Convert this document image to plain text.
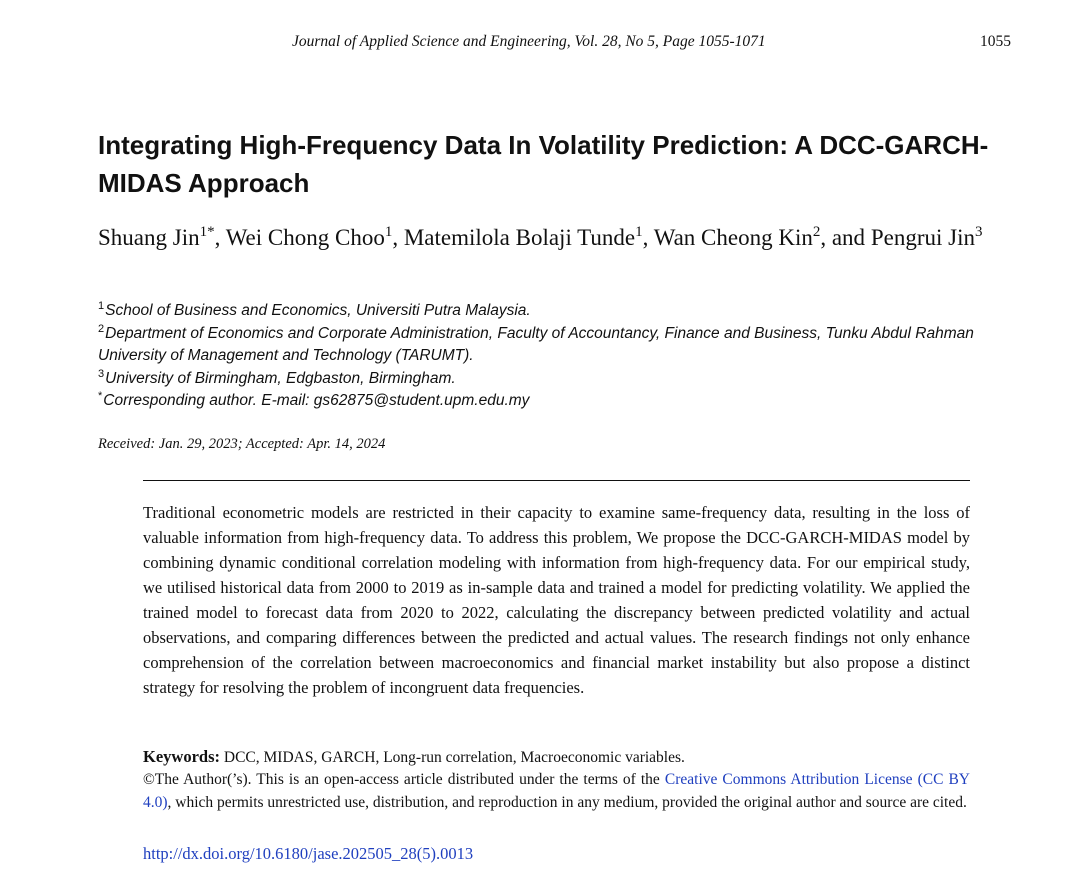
Journal of Applied Science and Engineering, Vol. 28, No 5, Page 1055-1071	1055
Integrating High-Frequency Data In Volatility Prediction: A DCC-GARCH-MIDAS Approach
Shuang Jin$^{1*}$, Wei Chong Choo$^1$, Matemilola Bolaji Tunde$^1$, Wan Cheong Kin$^2$, and Pengrui Jin$^3$
$^1$School of Business and Economics, Universiti Putra Malaysia.
$^2$Department of Economics and Corporate Administration, Faculty of Accountancy, Finance and Business, Tunku Abdul Rahman University of Management and Technology (TARUMT).
$^3$University of Birmingham, Edgbaston, Birmingham.
*Corresponding author. E-mail: gs62875@student.upm.edu.my
Received: Jan. 29, 2023; Accepted: Apr. 14, 2024
Traditional econometric models are restricted in their capacity to examine same-frequency data, resulting in the loss of valuable information from high-frequency data. To address this problem, We propose the DCC-GARCH-MIDAS model by combining dynamic conditional correlation modeling with information from high-frequency data. For our empirical study, we utilised historical data from 2000 to 2019 as in-sample data and trained a model for predicting volatility. We applied the trained model to forecast data from 2020 to 2022, calculating the discrepancy between predicted volatility and actual observations, and comparing differences between the predicted and actual values. The research findings not only enhance comprehension of the correlation between macroeconomics and financial market instability but also propose a distinct strategy for resolving the problem of incongruent data frequencies.
Keywords: DCC, MIDAS, GARCH, Long-run correlation, Macroeconomic variables.
©The Author(’s). This is an open-access article distributed under the terms of the Creative Commons Attribution License (CC BY 4.0), which permits unrestricted use, distribution, and reproduction in any medium, provided the original author and source are cited.
http://dx.doi.org/10.6180/jase.202505_28(5).0013
